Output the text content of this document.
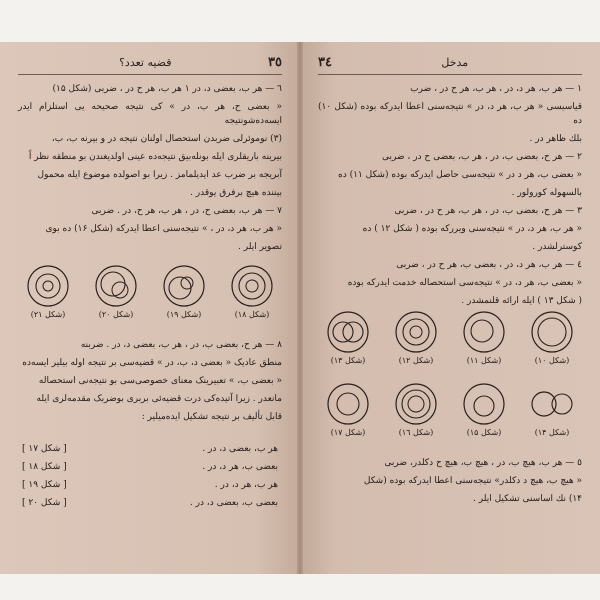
٣٥
قضیه تعدد؟

٦ — هر ب، بعضی د، در ۱ هر ب، هر ح در ، ضربی (شکل ۱۵)

« بعضی ح، هر ب، در » کی نتیجه صحیحه یی استلزام ایدر ایسه‌ده‌شونتیجه

(۳) نوموئرلی ضربدن استحصال اولنان نتیجه در و بیرنه ب، ب،

بیرینه باریقلری ایله بونله‌بیق نتیجه‌ده عینی اولدیغندن بو منطقه نظر اً

آبریجه بر ضرب عد ایدیلمامز . زیرا بو اصولده موضوع ایله محمول

بیننده هیچ برفرق یوقدر .

٧ — هر ب، بعضی ح، در ، هر ب، هر ح، در . ضربی

« هر ب، هر د، در ، » نتیجه‌سنی اعطا ایدرکه (شکل ۱۶) ده بوی

تصویر ایلر .

(شکل ۱۸)
(شکل ۱۹)
(شکل ۲۰)
(شکل ۲۱)

٨ — هر ح، بعضی ب، در ، هر ب، بعضی د، در . ضربنه

منطق عادیک « بعضی د، ب، در » قضیه‌سی بر نتیجه اوله بیلیر ایسه‌ده

« بعضی ب، » تعبیرینک معنای خصوصی‌سی بو نتیجه‌نی استحصاله

مانعدر . زیرا آتیده‌کی درت قضیه‌ئی بربری بوضربک مقدمه‌لری ایله

قابل تألیف بر نتیجه تشکیل ایده‌میلیر :

هر ب، بعضی د، در .
[ شکل ۱۷ ]
بعضی ب، هر د، در .
[ شکل ۱۸ ]
هر ب، هر د، در .
[ شکل ۱۹ ]
بعضی ب، بعضی د، در .
[ شکل ۲۰ ]
مدخل
٣٤

١ — هر ب، هر د، در ، هر ب، هر ح در ، ضرب

قیاسیسی « هر ب، هر د، در » نتیجه‌سنی اعطا ایدرکه بوده (شکل ۱۰) ده

بلك ظاهر در .

٢ — هر ح، بعضی ب، در ، هر ب، بعضی ح در ، ضربی

« بعضی ب، هر د در » نتیجه‌سی حاصل ایدرکه بوده (شکل ۱۱) ده

بالسهوله کورولور .

٣ — هر ح، بعضی ب، در ، هر ب، هر ح در ، ضربی

« هر ب، هر د، در » نتیجه‌سنی ویررکه بوده ( شکل ۱۲ ) ده

کوسترلشدر .

٤ — هر ب، هر د، در ، بعضی ب، هر ح در ، ضربی

« بعضی ب، هر د، در » نتیجه‌سی استحصاله خدمت ایدرکه بوده

( شکل ۱۳ ) ایله ارائه قلنمشدر .

(شکل ۱۰)
(شکل ۱۱)
(شکل ۱۲)
(شکل ۱۳)
(شکل ۱۴)
(شکل ۱۵)
(شکل ۱٦)
(شکل ۱۷)

٥ — هر ب، هیچ ب، در ، هیچ ب، هیچ ح دکلدر، ضربی

« هیچ ب، هیچ د دکلدر» نتیجه‌سنی اعطا ایدرکه بوده (شکل

۱۴) نك اساسنی تشکیل ایلر .
